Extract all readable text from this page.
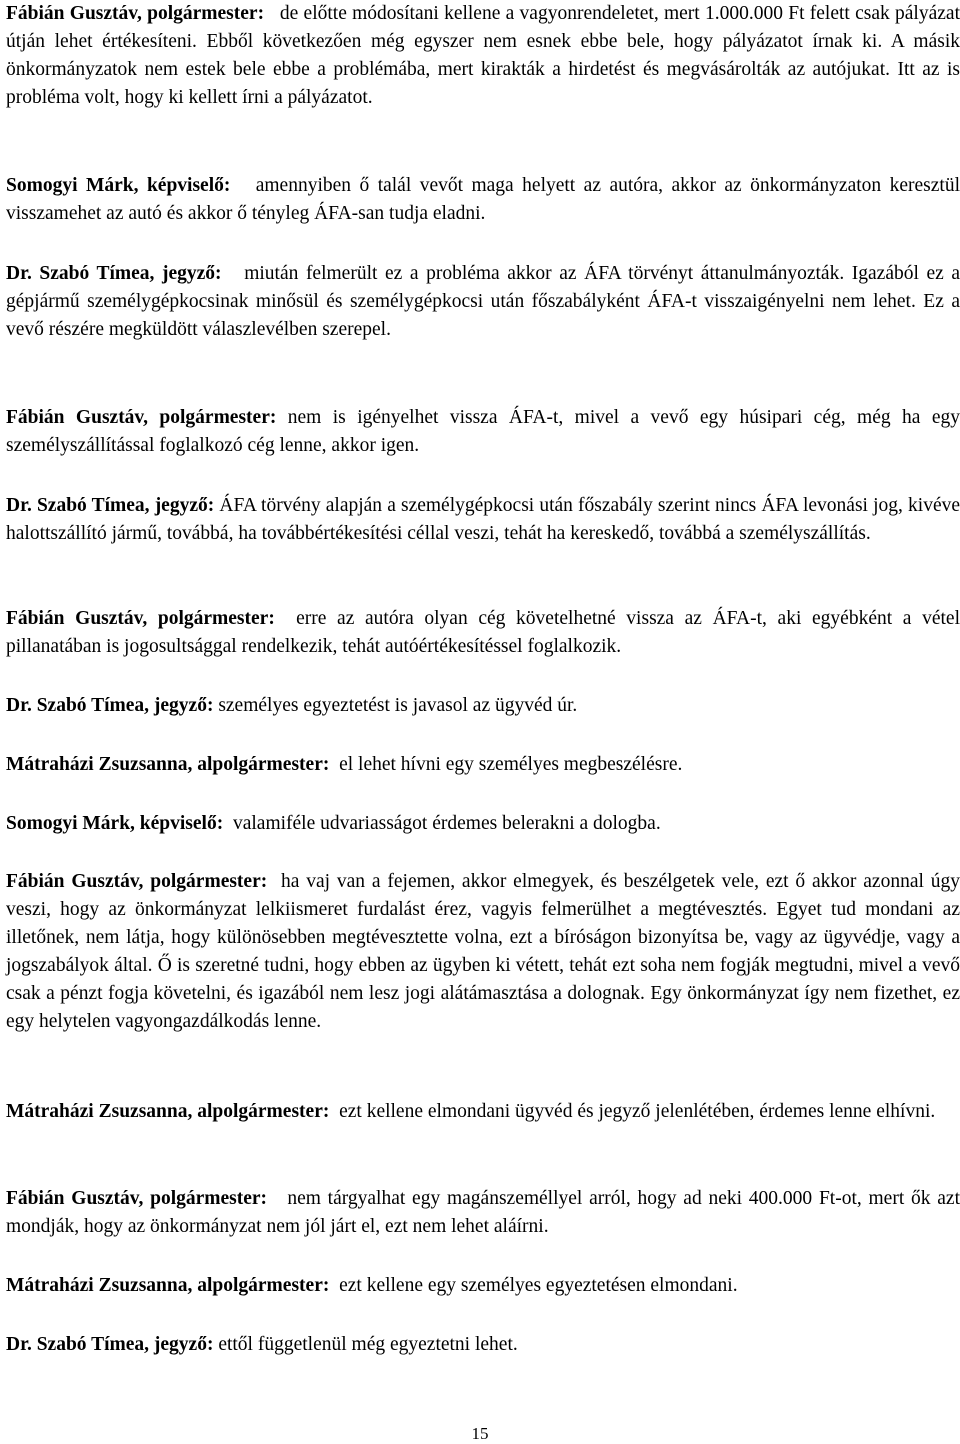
Fábián Gusztáv, polgármester: de előtte módosítani kellene a vagyonrendeletet, mert 1.000.000 Ft felett csak pályázat útján lehet értékesíteni. Ebből következően még egyszer nem esnek ebbe bele, hogy pályázatot írnak ki. A másik önkormányzatok nem estek bele ebbe a problémába, mert kirakták a hirdetést és megvásárolták az autójukat. Itt az is probléma volt, hogy ki kellett írni a pályázatot.

Somogyi Márk, képviselő: amennyiben ő talál vevőt maga helyett az autóra, akkor az önkormányzaton keresztül visszamehet az autó és akkor ő tényleg ÁFA-san tudja eladni.

Dr. Szabó Tímea, jegyző: miután felmerült ez a probléma akkor az ÁFA törvényt áttanulmányozták. Igazából ez a gépjármű személygépkocsinak minősül és személygépkocsi után főszabályként ÁFA-t visszaigényelni nem lehet. Ez a vevő részére megküldött válaszlevélben szerepel.

Fábián Gusztáv, polgármester: nem is igényelhet vissza ÁFA-t, mivel a vevő egy húsipari cég, még ha egy személyszállítással foglalkozó cég lenne, akkor igen.

Dr. Szabó Tímea, jegyző: ÁFA törvény alapján a személygépkocsi után főszabály szerint nincs ÁFA levonási jog, kivéve halottszállító jármű, továbbá, ha továbbértékesítési céllal veszi, tehát ha kereskedő, továbbá a személyszállítás.

Fábián Gusztáv, polgármester: erre az autóra olyan cég követelhetné vissza az ÁFA-t, aki egyébként a vétel pillanatában is jogosultsággal rendelkezik, tehát autóértékesítéssel foglalkozik.

Dr. Szabó Tímea, jegyző: személyes egyeztetést is javasol az ügyvéd úr.

Mátraházi Zsuzsanna, alpolgármester: el lehet hívni egy személyes megbeszélésre.

Somogyi Márk, képviselő: valamiféle udvariasságot érdemes belerakni a dologba.

Fábián Gusztáv, polgármester: ha vaj van a fejemen, akkor elmegyek, és beszélgetek vele, ezt ő akkor azonnal úgy veszi, hogy az önkormányzat lelkiismeret furdalást érez, vagyis felmerülhet a megtévesztés. Egyet tud mondani az illetőnek, nem látja, hogy különösebben megtévesztette volna, ezt a bíróságon bizonyítsa be, vagy az ügyvédje, vagy a jogszabályok által. Ő is szeretné tudni, hogy ebben az ügyben ki vétett, tehát ezt soha nem fogják megtudni, mivel a vevő csak a pénzt fogja követelni, és igazából nem lesz jogi alátámasztása a dolognak. Egy önkormányzat így nem fizethet, ez egy helytelen vagyongazdálkodás lenne.

Mátraházi Zsuzsanna, alpolgármester: ezt kellene elmondani ügyvéd és jegyző jelenlétében, érdemes lenne elhívni.

Fábián Gusztáv, polgármester: nem tárgyalhat egy magánszeméllyel arról, hogy ad neki 400.000 Ft-ot, mert ők azt mondják, hogy az önkormányzat nem jól járt el, ezt nem lehet aláírni.

Mátraházi Zsuzsanna, alpolgármester: ezt kellene egy személyes egyeztetésen elmondani.

Dr. Szabó Tímea, jegyző: ettől függetlenül még egyeztetni lehet.

15
